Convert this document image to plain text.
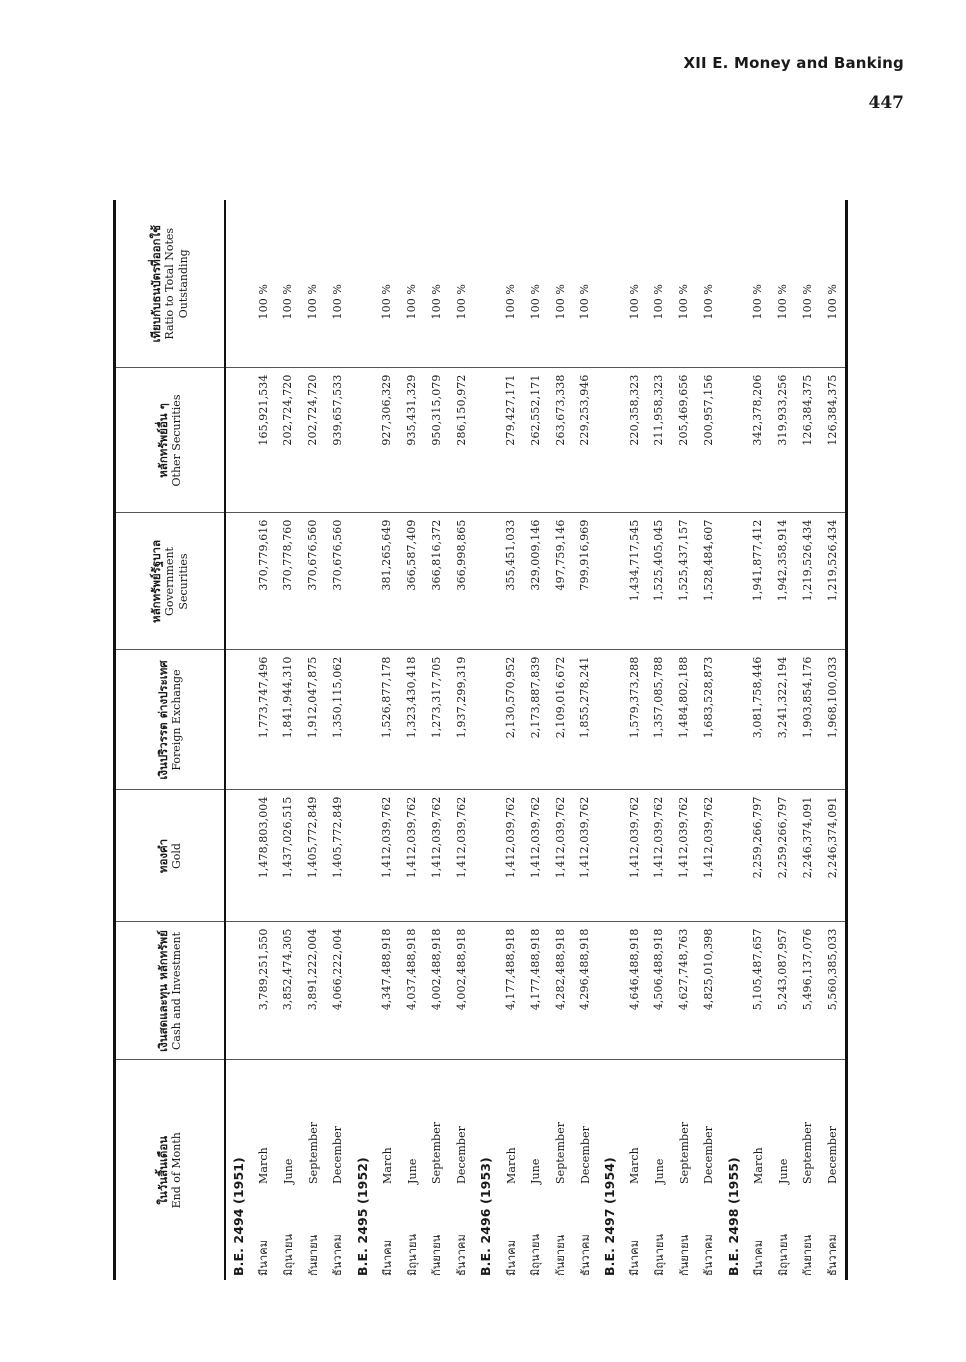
XII E. Money and Banking
447
ในวันสิ้นเดือน End of Month	เงินสดและทุน หลักทรัพย์ Cash and Investment	ทองคำ Gold	เงินปริวรรต ต่างประเทศ Foreign Exchange	หลักทรัพย์รัฐบาล Government Securities	หลักทรัพย์อื่น ๆ Other Securities	เทียบกับธนบัตรที่ออกใช้ Ratio to Total Notes Outstanding

B.E. 2494 (1951)						
มีนาคมMarch	3,789,251,550	1,478,803,004	1,773,747,496	370,779,616	165,921,534	100 %
มิถุนายนJune	3,852,474,305	1,437,026,515	1,841,944,310	370,778,760	202,724,720	100 %
กันยายนSeptember	3,891,222,004	1,405,772,849	1,912,047,875	370,676,560	202,724,720	100 %
ธันวาคมDecember	4,066,222,004	1,405,772,849	1,350,115,062	370,676,560	939,657,533	100 %
B.E. 2495 (1952)						
มีนาคมMarch	4,347,488,918	1,412,039,762	1,526,877,178	381,265,649	927,306,329	100 %
มิถุนายนJune	4,037,488,918	1,412,039,762	1,323,430,418	366,587,409	935,431,329	100 %
กันยายนSeptember	4,002,488,918	1,412,039,762	1,273,317,705	366,816,372	950,315,079	100 %
ธันวาคมDecember	4,002,488,918	1,412,039,762	1,937,299,319	366,998,865	286,150,972	100 %
B.E. 2496 (1953)						
มีนาคมMarch	4,177,488,918	1,412,039,762	2,130,570,952	355,451,033	279,427,171	100 %
มิถุนายนJune	4,177,488,918	1,412,039,762	2,173,887,839	329,009,146	262,552,171	100 %
กันยายนSeptember	4,282,488,918	1,412,039,762	2,109,016,672	497,759,146	263,673,338	100 %
ธันวาคมDecember	4,296,488,918	1,412,039,762	1,855,278,241	799,916,969	229,253,946	100 %
B.E. 2497 (1954)						
มีนาคมMarch	4,646,488,918	1,412,039,762	1,579,373,288	1,434,717,545	220,358,323	100 %
มิถุนายนJune	4,506,488,918	1,412,039,762	1,357,085,788	1,525,405,045	211,958,323	100 %
กันยายนSeptember	4,627,748,763	1,412,039,762	1,484,802,188	1,525,437,157	205,469,656	100 %
ธันวาคมDecember	4,825,010,398	1,412,039,762	1,683,528,873	1,528,484,607	200,957,156	100 %
B.E. 2498 (1955)						
มีนาคมMarch	5,105,487,657	2,259,266,797	3,081,758,446	1,941,877,412	342,378,206	100 %
มิถุนายนJune	5,243,087,957	2,259,266,797	3,241,322,194	1,942,358,914	319,933,256	100 %
กันยายนSeptember	5,496,137,076	2,246,374,091	1,903,854,176	1,219,526,434	126,384,375	100 %
ธันวาคมDecember	5,560,385,033	2,246,374,091	1,968,100,033	1,219,526,434	126,384,375	100 %
